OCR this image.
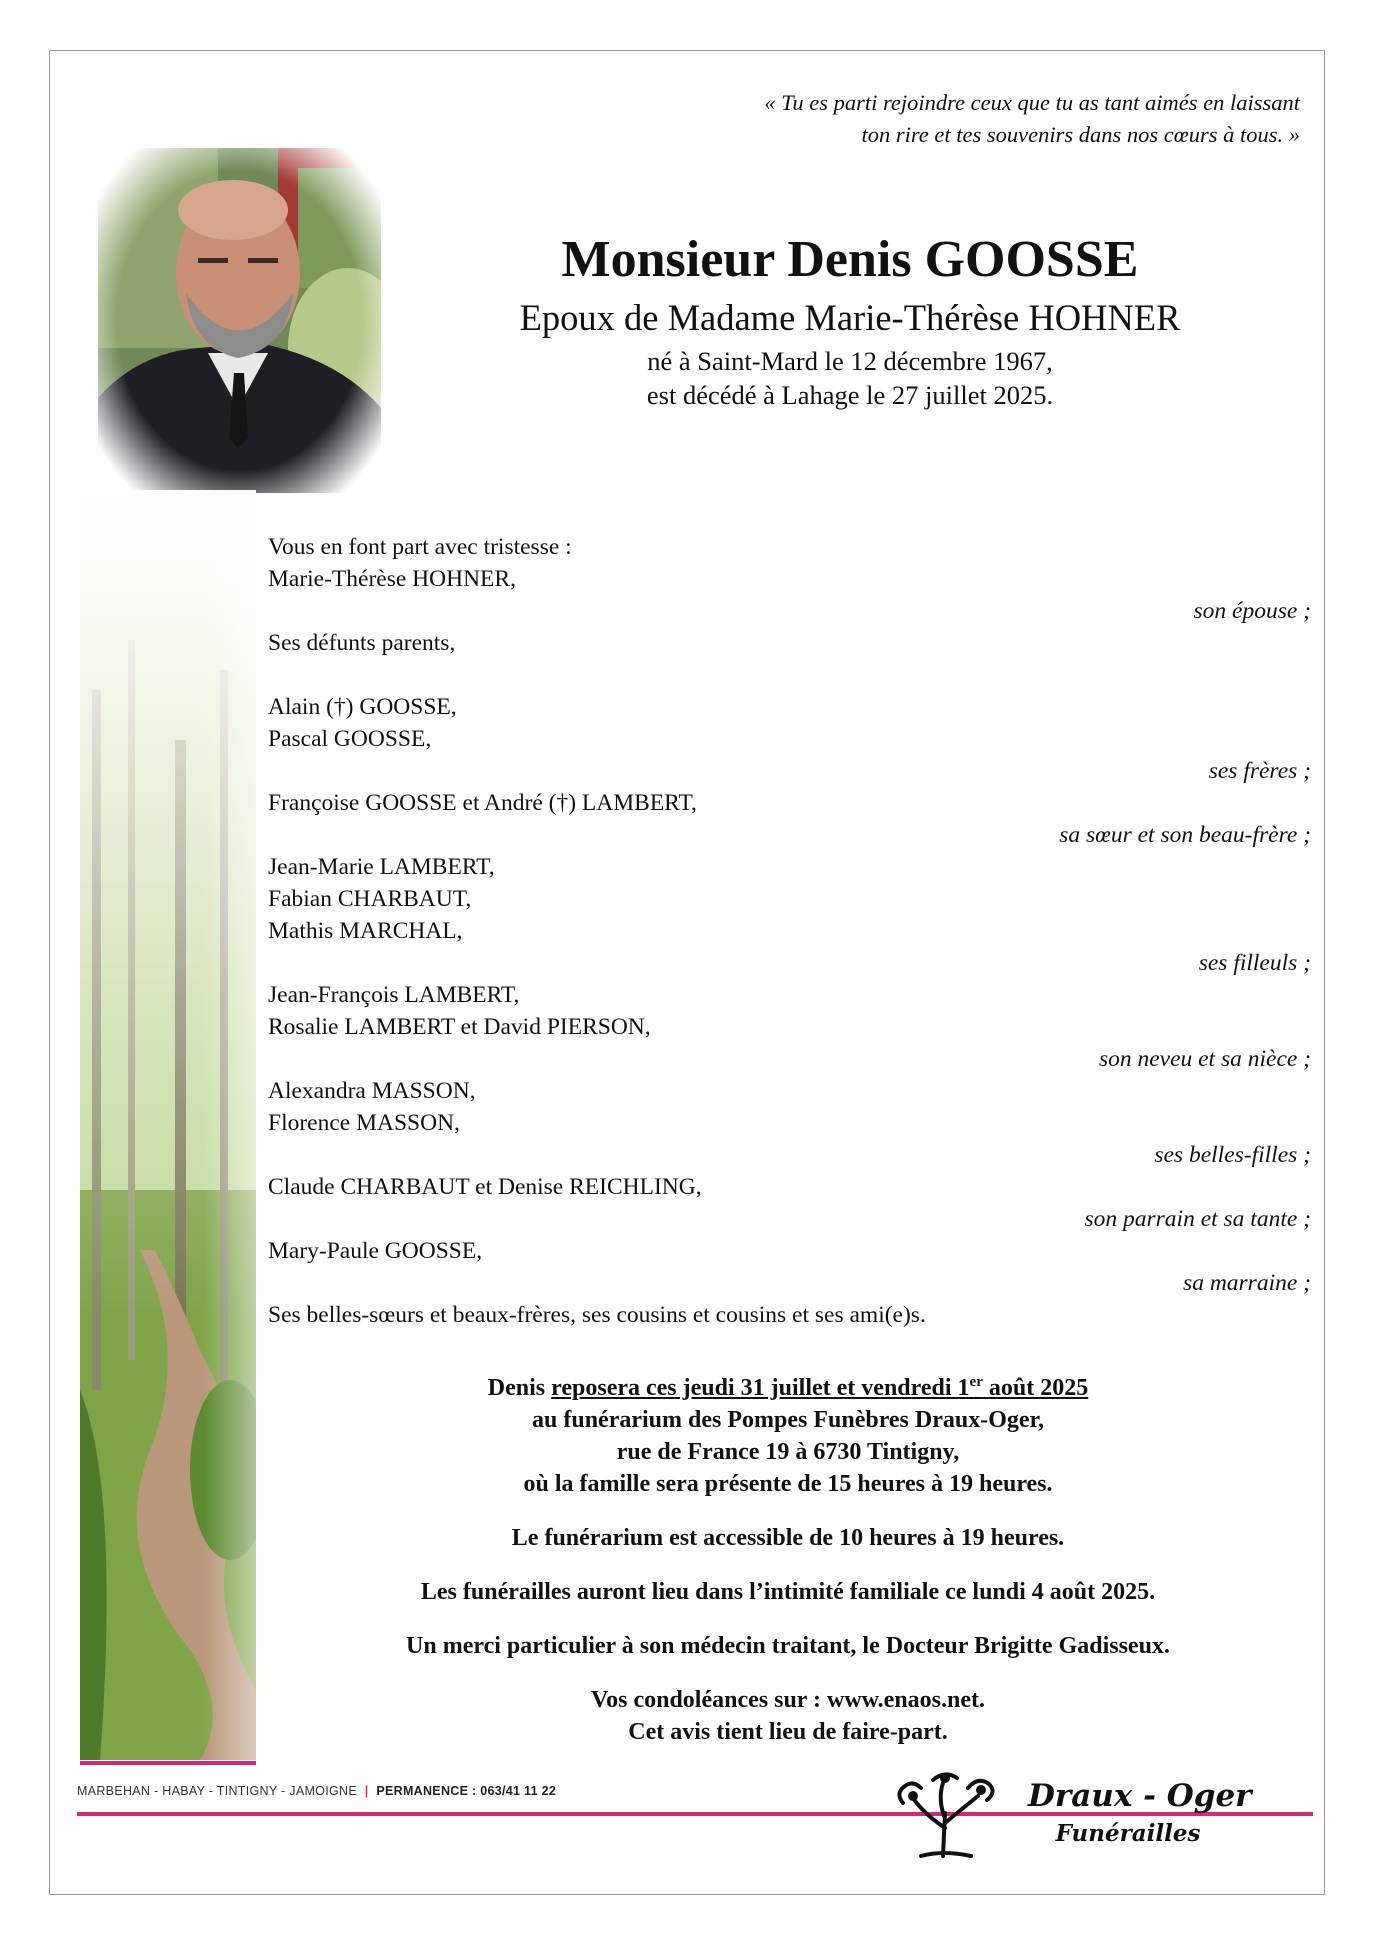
« Tu es parti rejoindre ceux que tu as tant aimés en laissant
ton rire et tes souvenirs dans nos cœurs à tous. »
Monsieur Denis GOOSSE
Epoux de Madame Marie-Thérèse HOHNER
né à Saint-Mard le 12 décembre 1967,
est décédé à Lahage le 27 juillet 2025.
Vous en font part avec tristesse :
Marie-Thérèse HOHNER,
son épouse ;
Ses défunts parents,
Alain (†) GOOSSE,
Pascal GOOSSE,
ses frères ;
Françoise GOOSSE et André (†) LAMBERT,
sa sœur et son beau-frère ;
Jean-Marie LAMBERT,
Fabian CHARBAUT,
Mathis MARCHAL,
ses filleuls ;
Jean-François LAMBERT,
Rosalie LAMBERT et David PIERSON,
son neveu et sa nièce ;
Alexandra MASSON,
Florence MASSON,
ses belles-filles ;
Claude CHARBAUT et Denise REICHLING,
son parrain et sa tante ;
Mary-Paule GOOSSE,
sa marraine ;
Ses belles-sœurs et beaux-frères, ses cousins et cousins et ses ami(e)s.
Denis reposera ces jeudi 31 juillet et vendredi 1er août 2025
au funérarium des Pompes Funèbres Draux-Oger,
rue de France 19 à 6730 Tintigny,
où la famille sera présente de 15 heures à 19 heures.
Le funérarium est accessible de 10 heures à 19 heures.
Les funérailles auront lieu dans l’intimité familiale ce lundi 4 août 2025.
Un merci particulier à son médecin traitant, le Docteur Brigitte Gadisseux.
Vos condoléances sur : www.enaos.net.
Cet avis tient lieu de faire-part.
MARBEHAN - HABAY - TINTIGNY - JAMOIGNE | PERMANENCE : 063/41 11 22	Draux - Oger
Funérailles
